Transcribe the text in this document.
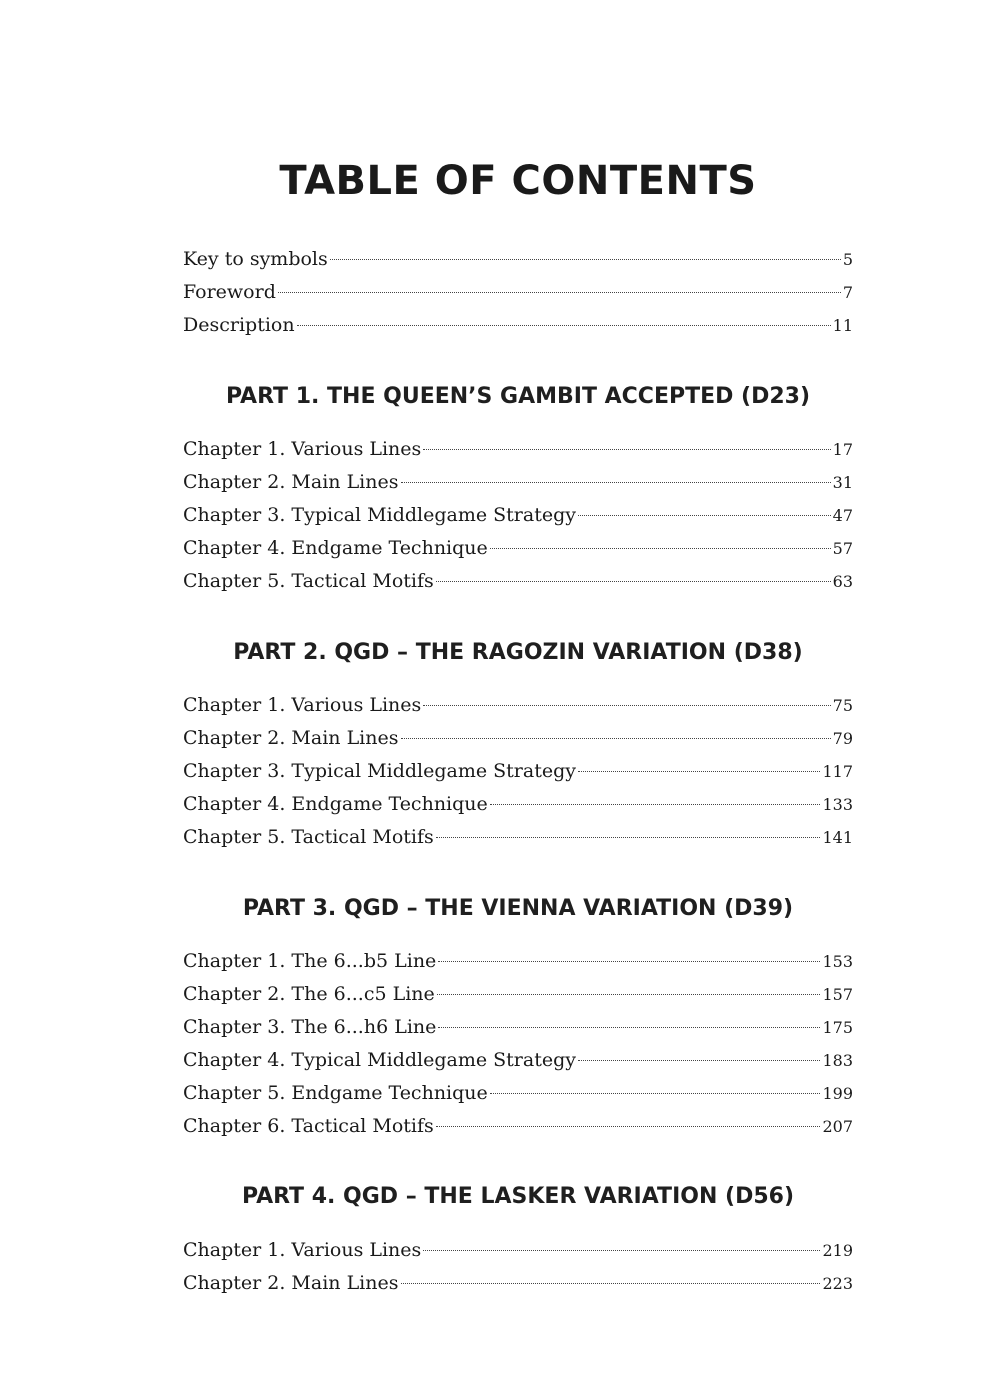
TABLE OF CONTENTS
Key to symbols	5
Foreword	7
Description	11
PART 1. THE QUEEN’S GAMBIT ACCEPTED (D23)
Chapter 1. Various Lines	17
Chapter 2. Main Lines	31
Chapter 3. Typical Middlegame Strategy	47
Chapter 4. Endgame Technique	57
Chapter 5. Tactical Motifs	63
PART 2. QGD – THE RAGOZIN VARIATION (D38)
Chapter 1. Various Lines	75
Chapter 2. Main Lines	79
Chapter 3. Typical Middlegame Strategy	117
Chapter 4. Endgame Technique	133
Chapter 5. Tactical Motifs	141
PART 3. QGD – THE VIENNA VARIATION (D39)
Chapter 1. The 6...b5 Line	153
Chapter 2. The 6...c5 Line	157
Chapter 3. The 6...h6 Line	175
Chapter 4. Typical Middlegame Strategy	183
Chapter 5. Endgame Technique	199
Chapter 6. Tactical Motifs	207
PART 4. QGD – THE LASKER VARIATION (D56)
Chapter 1. Various Lines	219
Chapter 2. Main Lines	223
